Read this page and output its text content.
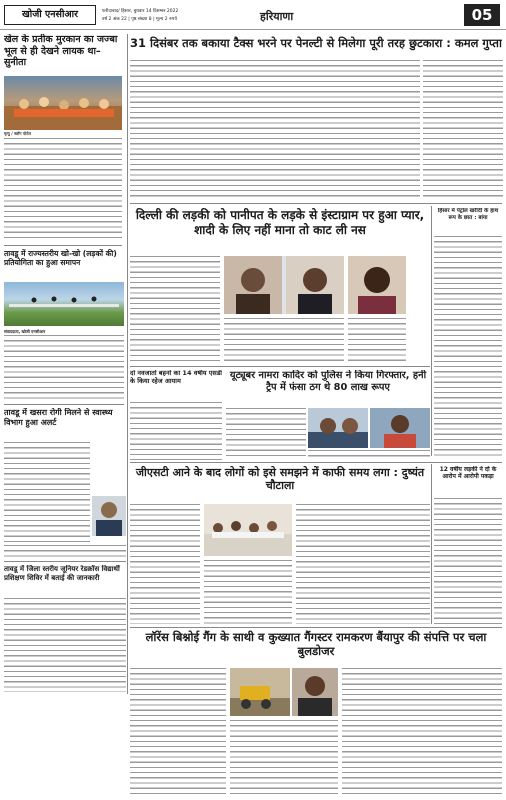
खोजी एनसीआर	फरीदाबाद/ हिसार, बुधवार 14 दिसम्बर 2022
वर्ष 2 अंक 22 | पृष्ठ संख्या 8 | मूल्य 2 रुपये	हरियाणा	05
खेल के प्रतीक मुरकान का जज्बा भूल से ही देखने लायक था–सुनीता
मृत्यु / ब्लॉग पोर्टल
तावडू में राज्यस्तरीय खो-खो (लड़कों की) प्रतियोगिता का हुआ समापन
संवाददाता, खोजी एनसीआर
तावडू में खसरा रोगी मिलने से स्वास्थ्य विभाग हुआ अलर्ट
तावडू में जिला स्तरीय जूनियर रेडक्रॉस विद्यार्थी प्रशिक्षण शिविर में बताई की जानकारी
31 दिसंबर तक बकाया टैक्स भरने पर पेनल्टी से मिलेगा पूरी तरह छुटकारा : कमल गुप्ता
दिल्ली की लड़की को पानीपत के लड़के से इंस्टाग्राम पर हुआ प्यार, शादी के लिए नहीं माना तो काट ली नस
हिसार में पेट्रोल खरीदी के हाथ रूप के छात : बांया
दो नवजातों बहनों का 14 वर्षीय एसडी के किया रहेज आयाम	यूट्यूबर नामरा कादिर को पुलिस ने किया गिरफ्तार, हनी ट्रैप में फंसा ठग थे 80 लाख रूपए
जीएसटी आने के बाद लोगों को इसे समझने में काफी समय लगा : दुष्यंत चौटाला
12 वर्षीय लड़की ने दो के आरोप में आरोपी पकड़ा
लॉरेंस बिश्नोई गैंग के साथी व कुख्यात गैंगस्टर रामकरण बैंयापुर की संपत्ति पर चला बुलडोजर
